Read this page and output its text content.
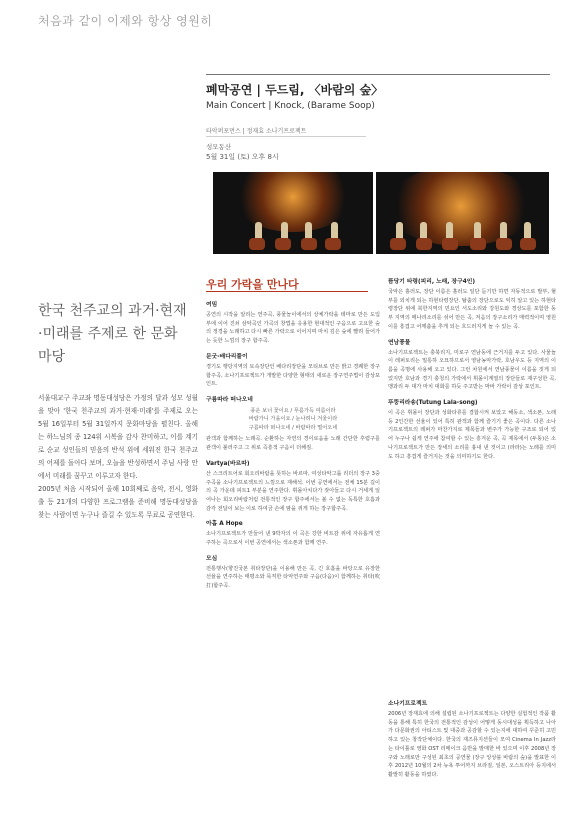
처음과 같이 이제와 항상 영원히
폐막공연 | 두드림, 〈바람의 숲〉
Main Concert | Knock, (Barame Soop)
타악퍼포먼스 | 정재효 소나기프로젝트
성모동산
5월 31일 (토) 오후 8시
우리 가락을 만나다
한국 천주교의 과거·현재·미래를 주제로 한 문화마당

서울대교구 주교좌 명동대성당은 가정의 달과 성모 성월을 맞아 '한국 천주교의 과거·현재·미래'를 주제로 오는 5월 16일부터 5월 31일까지 문화마당을 펼친다. 올해는 하느님의 종 124위 시복을 감사 찬미하고, 이를 계기로 순교 성인들의 믿음의 반석 위에 세워진 한국 천주교의 어제를 돌아다 보며, 오늘을 반성하면서 주님 사랑 안에서 미래를 꿈꾸고 이루고자 한다.

2005년 처음 시작되어 올해 10회째로 음악, 전시, 영화 출 등 21개의 다양한 프로그램을 준비해 명동대성당을 찾는 사람이면 누구나 즐길 수 있도록 무료로 공연한다.

여밈

공연의 시작을 알리는 연주곡, 풍물놀이에서의 상체가락을 테마로 만든 도입부에 이어 진쇠 삼악곡인 가곡의 창법을 응용한 현대적인 구음으로 고요한 숲의 정경을 노래하고 다시 빠른 가락으로 이어지며 마치 깊은 숲에 빨려 들어가는 듯한 느낌의 장구 합주곡.

문굿-배다리풀이

경기도 행당지역의 토속장단인 배다리장단을 모티브로 만든 밝고 경쾌한 장구 합주곡, 소나기프로젝트가 개발한 다양한 형태의 새로운 장구연주법이 감상포인트.

구름따라 떠나오네
풍운 보너 꽃이요 / 푸름가득 여름이라
바람가니 가을이요 / 눈나려니 겨울이라
구름따라 떠나오네 / 바람따라 떨어오네

관객과 함께하는 노래곡. 순환하는 자연의 경이로움을 노래 간단한 후렴구를 관객이 불러주고 그 위로 즉흥적 구음이 더해짐.

Vartya(바르따)

산 스크리트어로 회오리바람을 뜻하는 바르따, 여성타악그룹 리더의 장구 3중주곡을 소나기프로젝트의 느낌으로 재해석. 이번 공연에서는 전체 15분 길이의 곡 가운데 피트1 부분을 연주한다. 휘몰아치다가 잦아들고 다시 거세게 일어나는 회오리바람처럼 전통적인 장구 합주에서는 볼 수 없는 독특한 호흡과 감각 전달이 보는 이로 하여금 손에 땀을 쥐게 하는 장구합주곡.

아홉 A Hope

소나기프로젝트가 만들어 낸 9박자의 이 곡은 강한 비트감 위에 자유롭게 연주하는 곡으로서 이번 공연에서는 색소폰과 함께 연주.

모심

전통행사(향진국본 취타장단)을 이용해 만든 곡, 긴 호흡을 바탕으로 유장한 선율을 연주하는 태평소와 묵직한 타악연주와 구음(다음)이 함께하는 취타(吹打)합주곡.

뜸당기 타령(피리, 노래, 장구4인)

국악은 흘러도, 장단 이름은 흘러도 일단 듣기만 하면 자동적으로 발부, 혈부를 외치게 되는 하현타령장단. 탈춤의 장단으로도 익히 알고 있는 하현타령장단 위에 북한지역의 민요인 서도소리와 강원도와 경상도를 포함한 동부 지역의 메나리소리를 섞어 만든 곡, 저음의 장구소리가 매력적이며 영원이를 흥겹고 어깨춤을 추게 되는 흐드러지게 놀 수 있는 곡.

연남풍물

소나기프로젝트는 충북리지, 미로구 연남동에 근거지를 두고 있다. 사물놀이 레퍼토리는 밀롱하 오묘하므로서 영남농악가락, 호남우도 등 지역의 이름을 곡명에 사용해 오고 있다. 그런 차원에서 연남풍물이 이름을 짓게 되었지만 호남과 경기 충청의 가락에서 휘몰이계열의 장단들로 재구성한 곡, 맹과리 두 대가 마치 대화를 하듯 주고받는 막바 가락이 감상 포인트.

뚜뚱리라송(Tutung Lala-song)

이 곡은 휘몰이 장단과 성화타류를 결합시켜 보았고 해동소, 색소폰, 노래 등 2인간한 선율이 있어 특히 관객과 함께 즐기기 좋은 곡이다. 다른 소나기프로젝트의 레퍼가 마찬가지로 제목들과 변주가 가능한 구조로 되어 있어 누구나 쉽게 연주에 참여할 수 있는 흥겨운 곡, 곡 제목에서 (두뚱)은 소나기프로젝트가 만든 장세의 소리를 흉내 낸 것이고 (라라)는 노래를 의미도 하고 흥겹게 즐거지는 것을 의미하기도 한다.

소나기프로젝트

2006년 장재효에 의해 설립된 소나기프로젝트는 다양한 실험적인 작품 활동을 통해 특히 한국의 전통적인 감성이 어떻게 동시대성을 획득하고 나아가 다문화권의 아티스트 및 대중과 공감할 수 있는지에 대하여 꾸준히 고민하고 있는 창작단체이다. 한국의 재즈뮤지션들이 모여 Cinema In Jazz라는 타이틀로 영화 OST 리메이크 음반을 발매한 바 있으며 이후 2008년 장구와 노래로만 구성된 최초의 공연물 (장구 앙상블 바람의 숲)을 발표한 이후 2012년 10월의 2차 뉴욕 투어까지 브라질, 일본, 오스트리아 등지에서 활발히 활동을 하였다.
